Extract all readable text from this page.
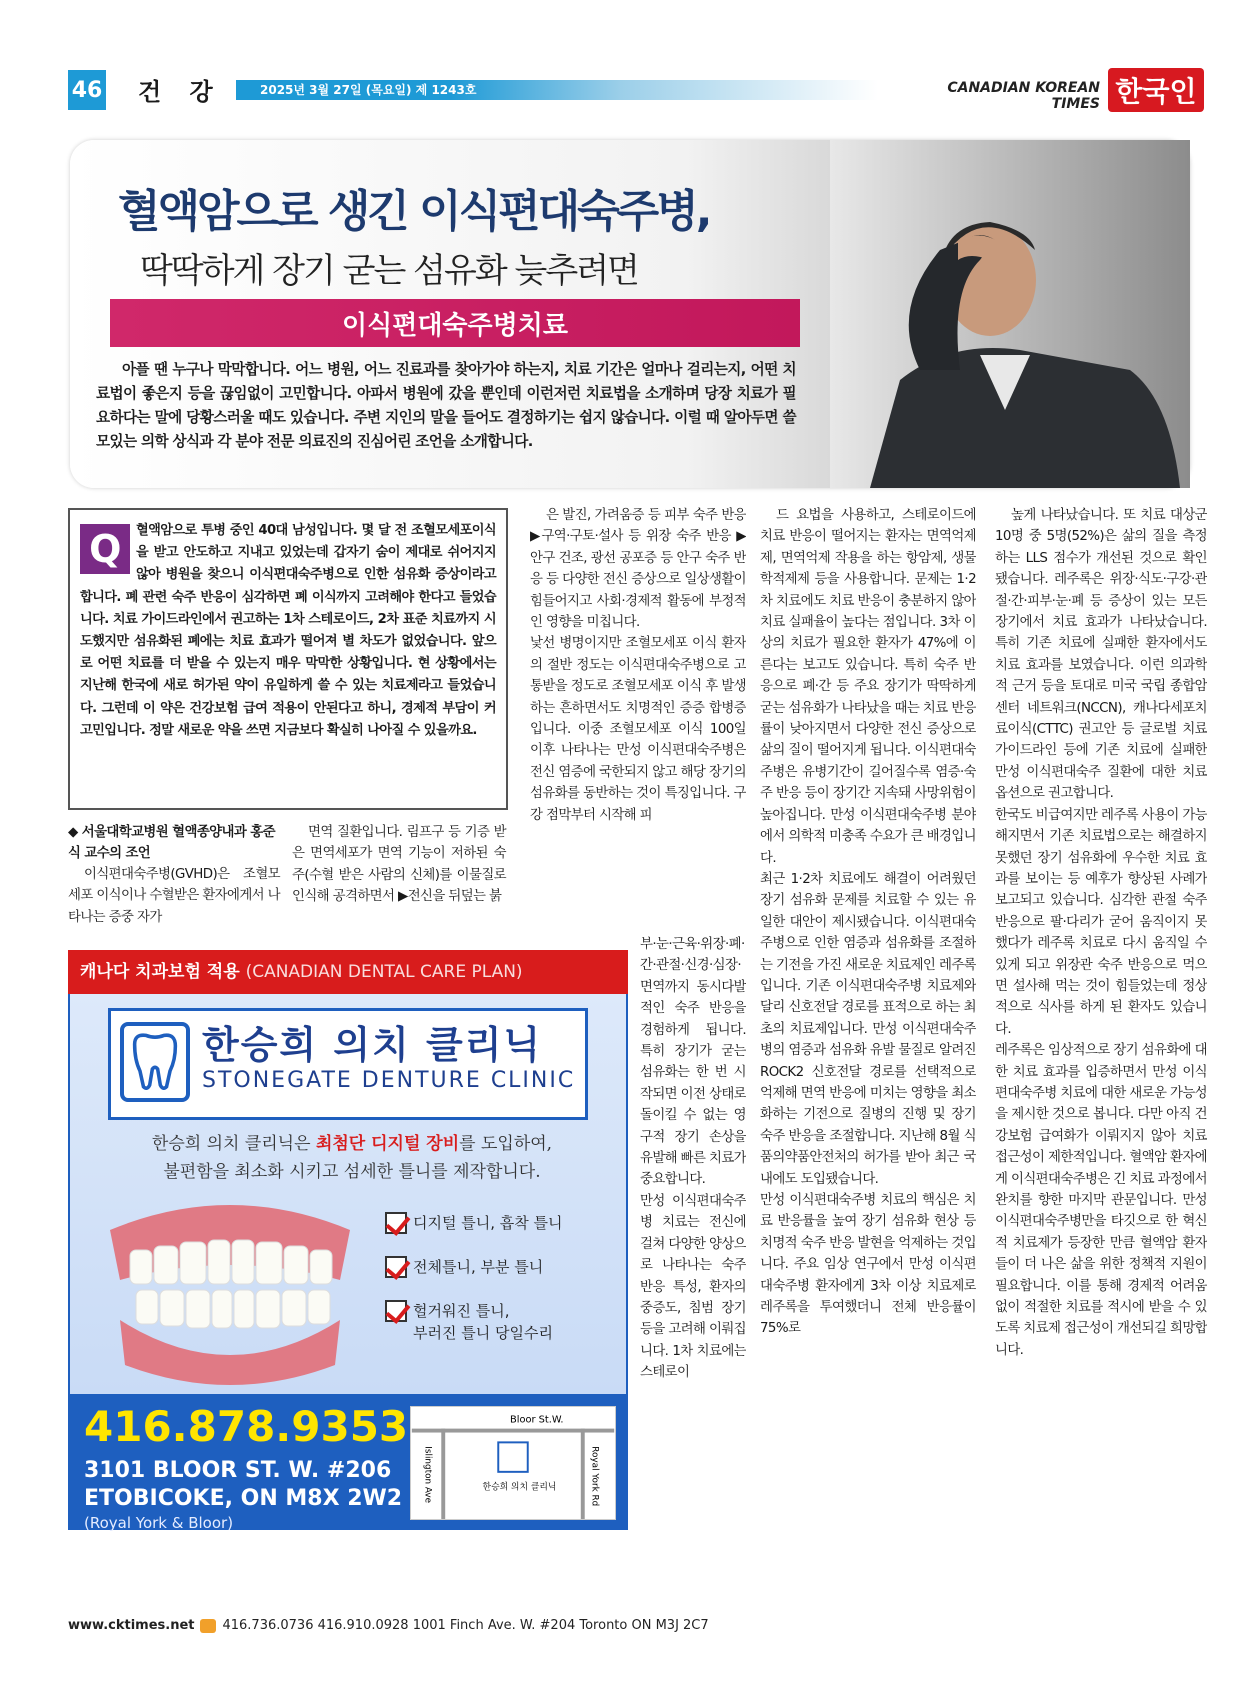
46 건 강	2025년 3월 27일 (목요일) 제 1243호	CANADIAN KOREAN TIMES 한국인
혈액암으로 생긴 이식편대숙주병,
딱딱하게 장기 굳는 섬유화 늦추려면
이식편대숙주병치료
아플 땐 누구나 막막합니다. 어느 병원, 어느 진료과를 찾아가야 하는지, 치료 기간은 얼마나 걸리는지, 어떤 치료법이 좋은지 등을 끊임없이 고민합니다. 아파서 병원에 갔을 뿐인데 이런저런 치료법을 소개하며 당장 치료가 필요하다는 말에 당황스러울 때도 있습니다. 주변 지인의 말을 들어도 결정하기는 쉽지 않습니다. 이럴 때 알아두면 쓸모있는 의학 상식과 각 분야 전문 의료진의 진심어린 조언을 소개합니다.
Q	혈액암으로 투병 중인 40대 남성입니다. 몇 달 전 조혈모세포이식을 받고 안도하고 지내고 있었는데 갑자기 숨이 제대로 쉬어지지 않아 병원을 찾으니 이식편대숙주병으로 인한 섬유화 증상이라고 합니다. 폐 관련 숙주 반응이 심각하면 폐 이식까지 고려해야 한다고 들었습니다. 치료 가이드라인에서 권고하는 1차 스테로이드, 2차 표준 치료까지 시도했지만 섬유화된 폐에는 치료 효과가 떨어져 별 차도가 없었습니다. 앞으로 어떤 치료를 더 받을 수 있는지 매우 막막한 상황입니다. 현 상황에서는 지난해 한국에 새로 허가된 약이 유일하게 쓸 수 있는 치료제라고 들었습니다. 그런데 이 약은 건강보험 급여 적용이 안된다고 하니, 경제적 부담이 커 고민입니다. 정말 새로운 약을 쓰면 지금보다 확실히 나아질 수 있을까요.
◆ 서울대학교병원 혈액종양내과 홍준식 교수의 조언
이식편대숙주병(GVHD)은 조혈모세포 이식이나 수혈받은 환자에게서 나타나는 증중 자가
면역 질환입니다. 림프구 등 기증 받은 면역세포가 면역 기능이 저하된 숙주(수혈 받은 사람의 신체)를 이물질로 인식해 공격하면서 ▶전신을 뒤덮는 붉
은 발진, 가려움증 등 피부 숙주 반응 ▶구역·구토·설사 등 위장 숙주 반응 ▶안구 건조, 광선 공포증 등 안구 숙주 반응 등 다양한 전신 증상으로 일상생활이 힘들어지고 사회·경제적 활동에 부정적인 영향을 미칩니다.
낯선 병명이지만 조혈모세포 이식 환자의 절반 정도는 이식편대숙주병으로 고통받을 정도로 조혈모세포 이식 후 발생하는 흔하면서도 치명적인 증증 합병증입니다. 이중 조혈모세포 이식 100일 이후 나타나는 만성 이식편대숙주병은 전신 염증에 국한되지 않고 해당 장기의 섬유화를 동반하는 것이 특징입니다. 구강 점막부터 시작해 피
부·눈·근육·위장·폐·간·관절·신경·심장·면역까지 동시다발적인 숙주 반응을 경험하게 됩니다. 특히 장기가 굳는 섬유화는 한 번 시작되면 이전 상태로 돌이킬 수 없는 영구적 장기 손상을 유발해 빠른 치료가 중요합니다.
만성 이식편대숙주병 치료는 전신에 걸쳐 다양한 양상으로 나타나는 숙주 반응 특성, 환자의 중증도, 침범 장기 등을 고려해 이뤄집니다. 1차 치료에는 스테로이
드 요법을 사용하고, 스테로이드에 치료 반응이 떨어지는 환자는 면역억제제, 면역억제 작용을 하는 항암제, 생물학적제제 등을 사용합니다. 문제는 1·2차 치료에도 치료 반응이 충분하지 않아 치료 실패율이 높다는 점입니다. 3차 이상의 치료가 필요한 환자가 47%에 이른다는 보고도 있습니다. 특히 숙주 반응으로 폐·간 등 주요 장기가 딱딱하게 굳는 섬유화가 나타났을 때는 치료 반응률이 낮아지면서 다양한 전신 증상으로 삶의 질이 떨어지게 됩니다. 이식편대숙주병은 유병기간이 길어질수록 염증·숙주 반응 등이 장기간 지속돼 사망위험이 높아집니다. 만성 이식편대숙주병 분야에서 의학적 미충족 수요가 큰 배경입니다.
최근 1·2차 치료에도 해결이 어려웠던 장기 섬유화 문제를 치료할 수 있는 유일한 대안이 제시됐습니다. 이식편대숙주병으로 인한 염증과 섬유화를 조절하는 기전을 가진 새로운 치료제인 레주록입니다. 기존 이식편대숙주병 치료제와 달리 신호전달 경로를 표적으로 하는 최초의 치료제입니다. 만성 이식편대숙주병의 염증과 섬유화 유발 물질로 알려진 ROCK2 신호전달 경로를 선택적으로 억제해 면역 반응에 미치는 영향을 최소화하는 기전으로 질병의 진행 및 장기 숙주 반응을 조절합니다. 지난해 8월 식품의약품안전처의 허가를 받아 최근 국내에도 도입됐습니다.
만성 이식편대숙주병 치료의 핵심은 치료 반응률을 높여 장기 섬유화 현상 등 치명적 숙주 반응 발현을 억제하는 것입니다. 주요 임상 연구에서 만성 이식편대숙주병 환자에게 3차 이상 치료제로 레주록을 투여했더니 전체 반응률이 75%로
높게 나타났습니다. 또 치료 대상군 10명 중 5명(52%)은 삶의 질을 측정하는 LLS 점수가 개선된 것으로 확인됐습니다. 레주록은 위장·식도·구강·관절·간·피부·눈·폐 등 증상이 있는 모든 장기에서 치료 효과가 나타났습니다. 특히 기존 치료에 실패한 환자에서도 치료 효과를 보였습니다. 이런 의과학적 근거 등을 토대로 미국 국립 종합암센터 네트워크(NCCN), 캐나다세포치료이식(CTTC) 권고안 등 글로벌 치료 가이드라인 등에 기존 치료에 실패한 만성 이식편대숙주 질환에 대한 치료 옵션으로 권고합니다.
한국도 비급여지만 레주록 사용이 가능해지면서 기존 치료법으로는 해결하지 못했던 장기 섬유화에 우수한 치료 효과를 보이는 등 예후가 향상된 사례가 보고되고 있습니다. 심각한 관절 숙주 반응으로 팔·다리가 굳어 움직이지 못했다가 레주록 치료로 다시 움직일 수 있게 되고 위장관 숙주 반응으로 먹으면 설사해 먹는 것이 힘들었는데 정상적으로 식사를 하게 된 환자도 있습니다.
레주록은 임상적으로 장기 섬유화에 대한 치료 효과를 입증하면서 만성 이식편대숙주병 치료에 대한 새로운 가능성을 제시한 것으로 봅니다. 다만 아직 건강보험 급여화가 이뤄지지 않아 치료 접근성이 제한적입니다. 혈액암 환자에게 이식편대숙주병은 긴 치료 과정에서 완치를 향한 마지막 관문입니다. 만성 이식편대숙주병만을 타깃으로 한 혁신적 치료제가 등장한 만큼 혈액암 환자들이 더 나은 삶을 위한 정책적 지원이 필요합니다. 이를 통해 경제적 어려움 없이 적절한 치료를 적시에 받을 수 있도록 치료제 접근성이 개선되길 희망합니다.
캐나다 치과보험 적용 (CANADIAN DENTAL CARE PLAN)
한승희 의치 클리닉
STONEGATE DENTURE CLINIC
한승희 의치 클리닉은 최첨단 디지털 장비를 도입하여,
불편함을 최소화 시키고 섬세한 틀니를 제작합니다.
디지털 틀니, 흡착 틀니
전체틀니, 부분 틀니
헐거워진 틀니,
부러진 틀니 당일수리
416.878.9353
3101 BLOOR ST. W. #206
ETOBICOKE, ON M8X 2W2
(Royal York & Bloor)
Bloor St.W.
Islington Ave	Royal York Rd
한승희 의치 클리닉
www.cktimes.net 416.736.0736 416.910.0928 1001 Finch Ave. W. #204 Toronto ON M3J 2C7
